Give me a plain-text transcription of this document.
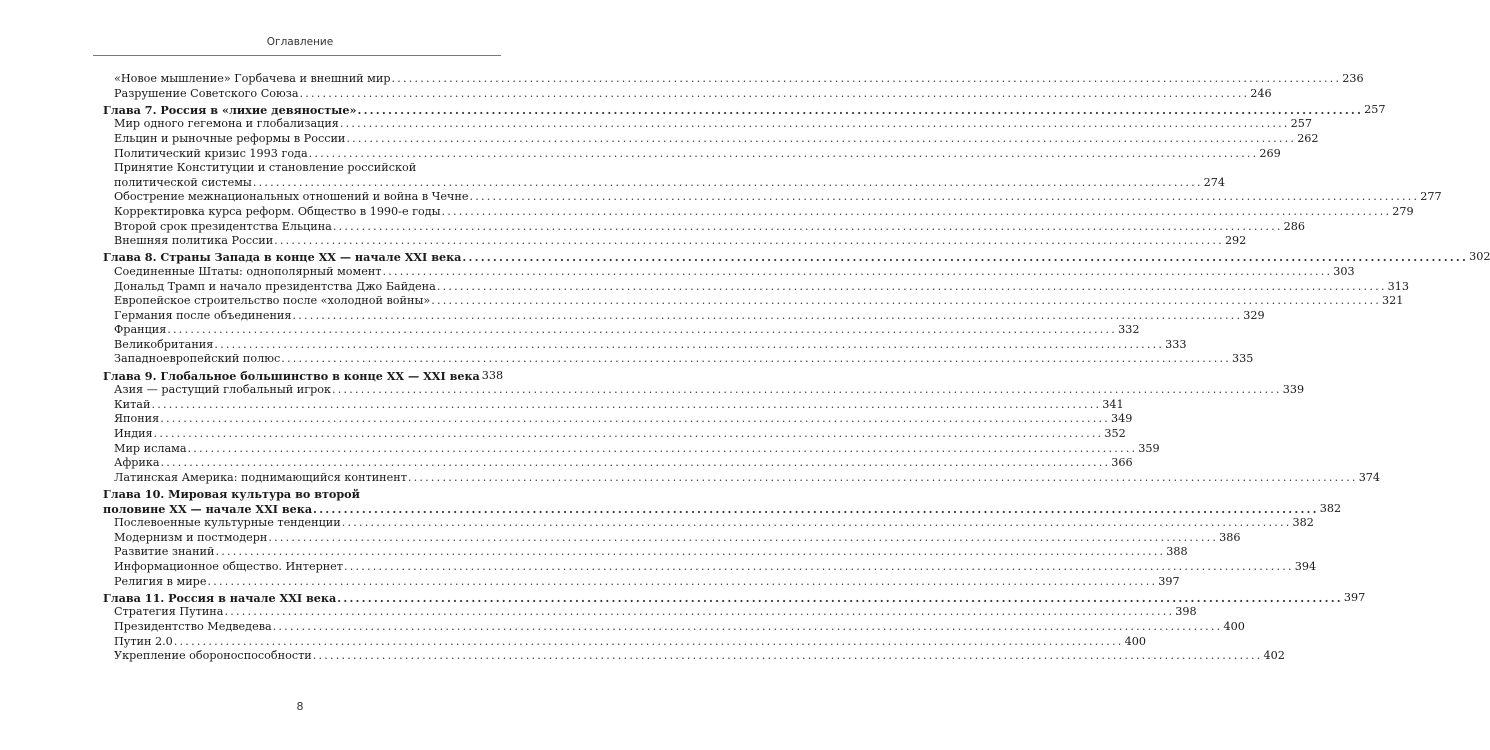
Оглавление
«Новое мышление» Горбачева и внешний мир .....	236
Разрушение Советского Союза .....	246
Глава 7. Россия в «лихие девяностые» .....	257
Мир одного гегемона и глобализация .....	257
Ельцин и рыночные реформы в России .....	262
Политический кризис 1993 года .....	269
Принятие Конституции и становление российской
политической системы .....	274
Обострение межнациональных отношений и война в Чечне .....	277
Корректировка курса реформ. Общество в 1990-е годы .....	279
Второй срок президентства Ельцина .....	286
Внешняя политика России .....	292
Глава 8. Страны Запада в конце XX — начале XXI века .....	302
Соединенные Штаты: однополярный момент .....	303
Дональд Трамп и начало президентства Джо Байдена .....	313
Европейское строительство после «холодной войны» .....	321
Германия после объединения .....	329
Франция .....	332
Великобритания .....	333
Западноевропейский полюс .....	335
Глава 9. Глобальное большинство в конце XX — XXI века 338
Азия — растущий глобальный игрок .....	339
Китай .....	341
Япония .....	349
Индия .....	352
Мир ислама .....	359
Африка .....	366
Латинская Америка: поднимающийся континент .....	374
Глава 10. Мировая культура во второй
половине XX — начале XXI века .....	382
Послевоенные культурные тенденции .....	382
Модернизм и постмодерн .....	386
Развитие знаний .....	388
Информационное общество. Интернет .....	394
Религия в мире .....	397
Глава 11. Россия в начале XXI века .....	397
Стратегия Путина .....	398
Президентство Медведева .....	400
Путин 2.0 .....	400
Укрепление обороноспособности .....	402
8
